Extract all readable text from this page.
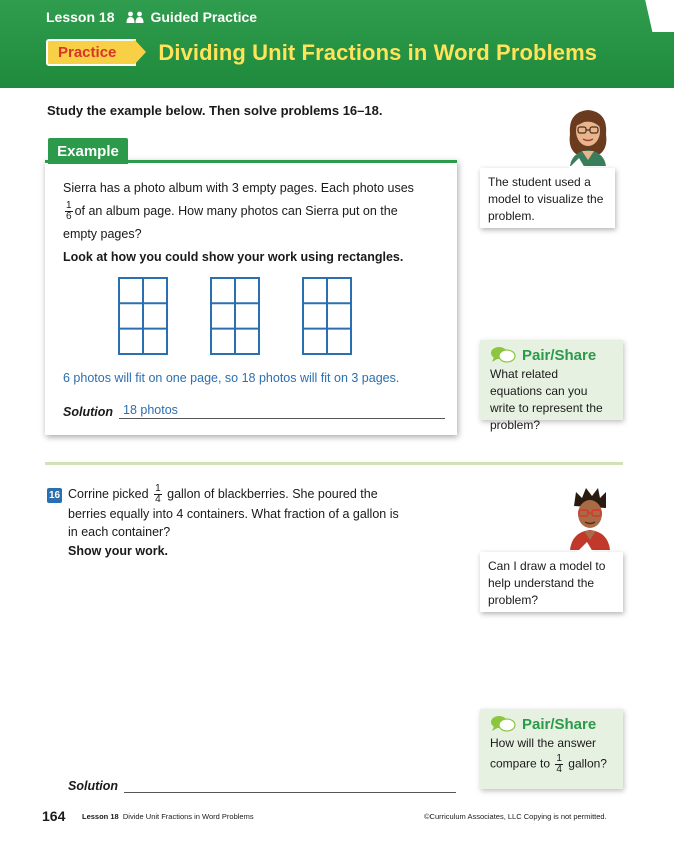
Lesson 18	Guided Practice
Practice	Dividing Unit Fractions in Word Problems
Study the example below. Then solve problems 16–18.
Example
Sierra has a photo album with 3 empty pages. Each photo uses
$\frac{1}{6}$ of an album page. How many photos can Sierra put on the
empty pages?
Look at how you could show your work using rectangles.
6 photos will fit on one page, so 18 photos will fit on 3 pages.
Solution 18 photos
The student used a model to visualize the problem.
Pair/Share
What related equations can you write to represent the problem?
16 Corrine picked $\frac{1}{4}$ gallon of blackberries. She poured the berries equally into 4 containers. What fraction of a gallon is in each container?
Show your work.
Can I draw a model to help understand the problem?
Pair/Share
How will the answer
compare to $\frac{1}{4}$ gallon?
Solution
164 Lesson 18 Divide Unit Fractions in Word Problems	©Curriculum Associates, LLC Copying is not permitted.
